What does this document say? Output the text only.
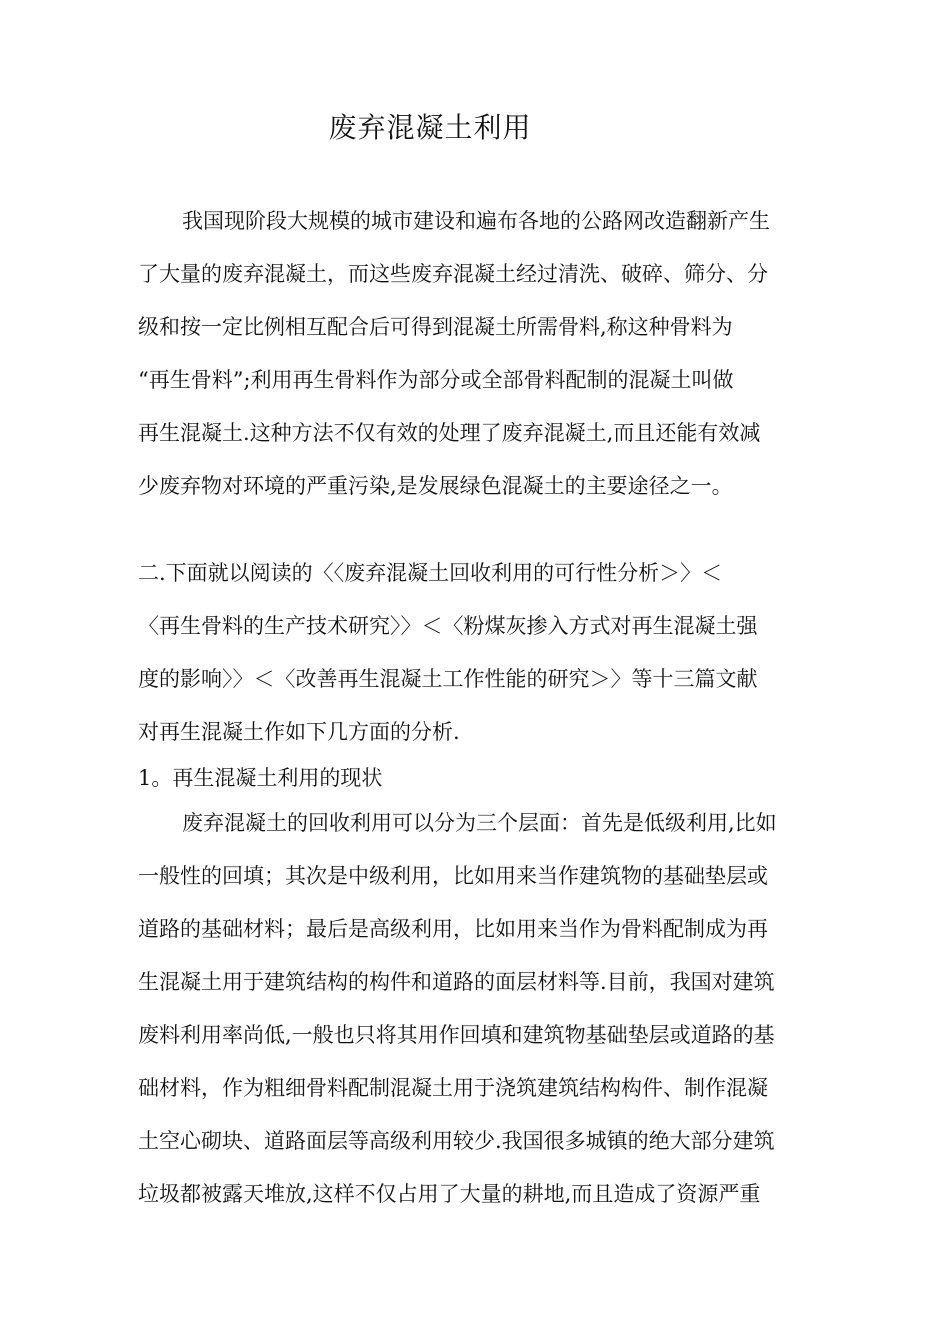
废弃混凝土利用
我国现阶段大规模的城市建设和遍布各地的公路网改造翻新产生
了大量的废弃混凝土，而这些废弃混凝土经过清洗、破碎、筛分、分
级和按一定比例相互配合后可得到混凝土所需骨料,称这种骨料为
“再生骨料”;利用再生骨料作为部分或全部骨料配制的混凝土叫做
再生混凝土.这种方法不仅有效的处理了废弃混凝土,而且还能有效减
少废弃物对环境的严重污染,是发展绿色混凝土的主要途径之一。
二.下面就以阅读的〈〈废弃混凝土回收利用的可行性分析＞〉＜
〈再生骨料的生产技术研究〉〉＜〈粉煤灰掺入方式对再生混凝土强
度的影响〉〉＜〈改善再生混凝土工作性能的研究＞〉等十三篇文献
对再生混凝土作如下几方面的分析.
1。再生混凝土利用的现状
废弃混凝土的回收利用可以分为三个层面：首先是低级利用,比如
一般性的回填；其次是中级利用，比如用来当作建筑物的基础垫层或
道路的基础材料；最后是高级利用，比如用来当作为骨料配制成为再
生混凝土用于建筑结构的构件和道路的面层材料等.目前，我国对建筑
废料利用率尚低,一般也只将其用作回填和建筑物基础垫层或道路的基
础材料，作为粗细骨料配制混凝土用于浇筑建筑结构构件、制作混凝
土空心砌块、道路面层等高级利用较少.我国很多城镇的绝大部分建筑
垃圾都被露天堆放,这样不仅占用了大量的耕地,而且造成了资源严重
